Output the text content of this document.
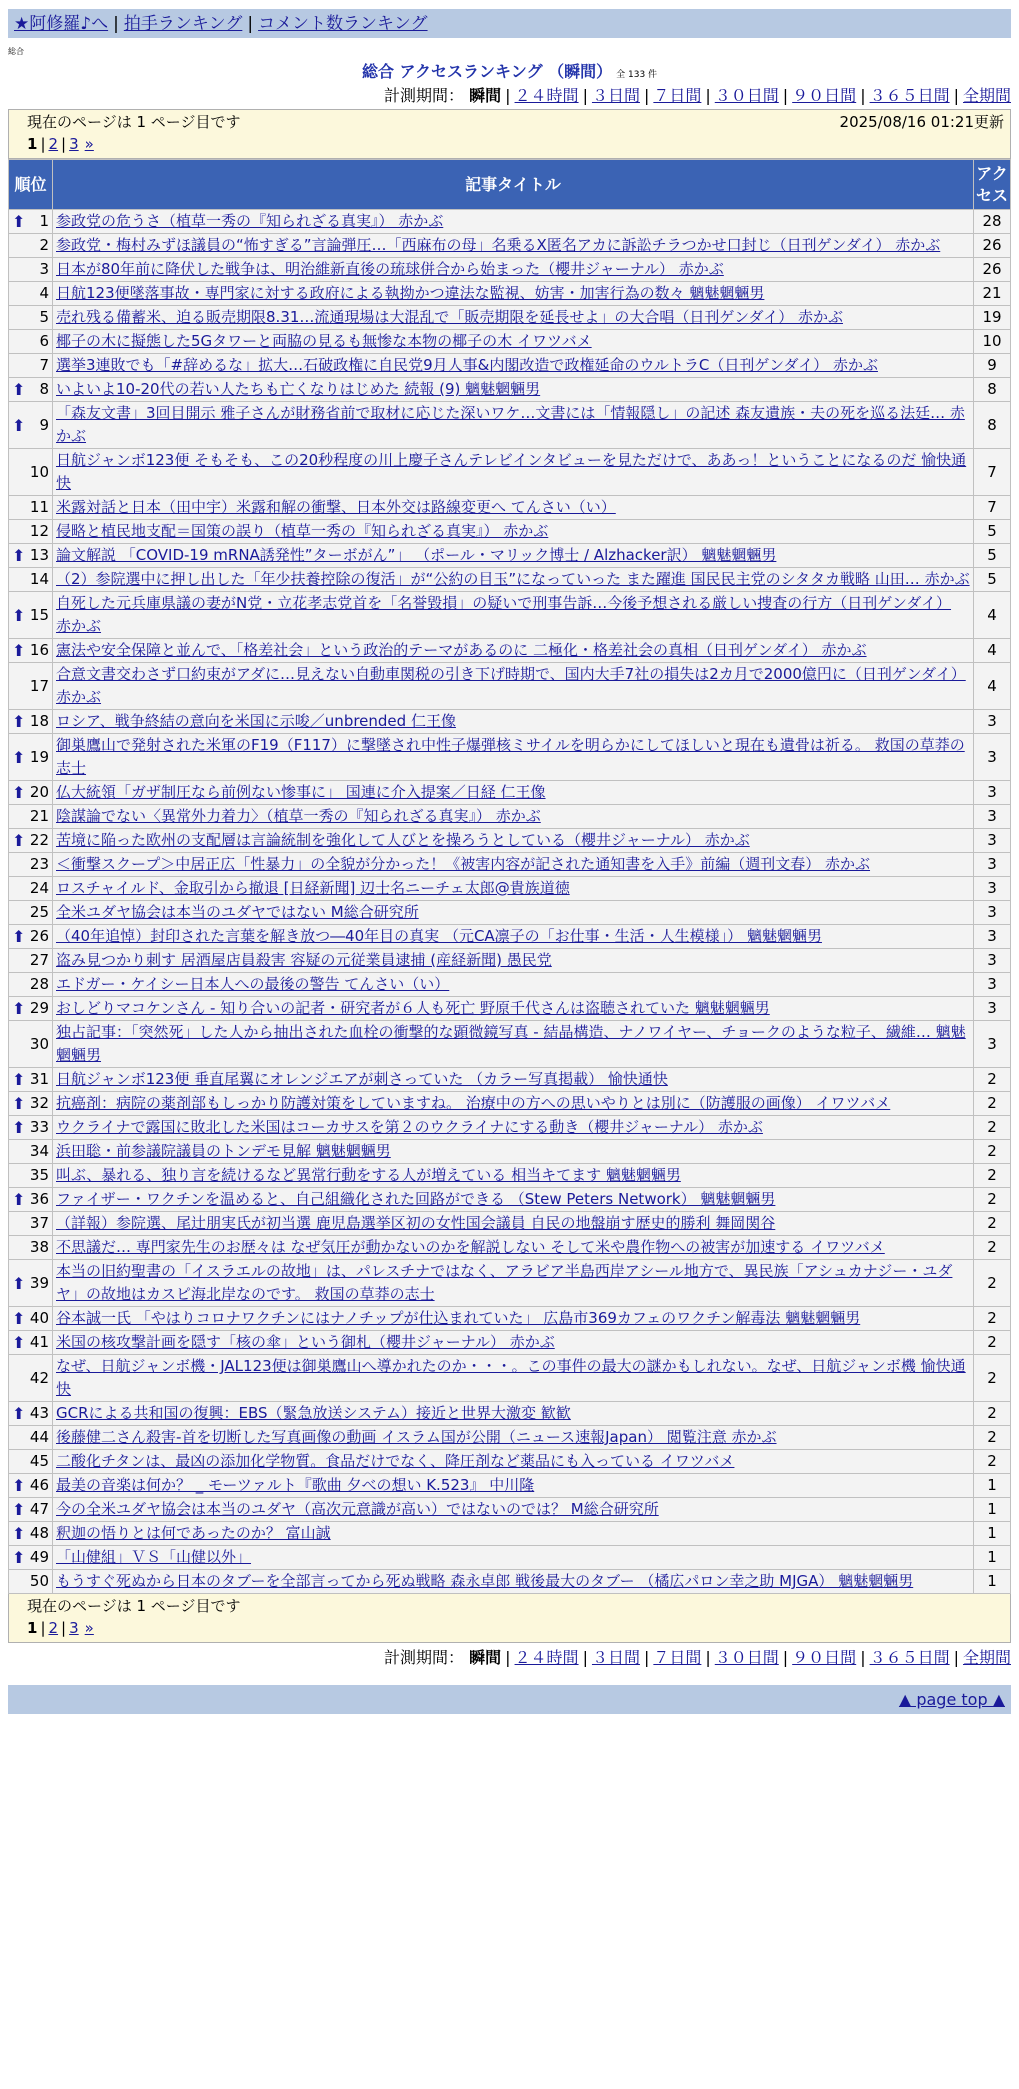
★阿修羅♪へ | 拍手ランキング | コメント数ランキング
総合
総合 アクセスランキング （瞬間） 全 133 件
計測期間： 瞬間 | ２４時間 | ３日間 | ７日間 | ３０日間 | ９０日間 | ３６５日間 | 全期間
現在のページは 1 ページ目です	2025/08/16 01:21更新
1 | 2 | 3 »
順位	記事タイトル	アクセス

⬆ 1	参政党の危うさ（植草一秀の『知られざる真実』） 赤かぶ	28
2	参政党・梅村みずほ議員の“怖すぎる”言論弾圧…「西麻布の母」名乗るX匿名アカに訴訟チラつかせ口封じ（日刊ゲンダイ） 赤かぶ	26
3	日本が80年前に降伏した戦争は、明治維新直後の琉球併合から始まった（櫻井ジャーナル） 赤かぶ	26
4	日航123便墜落事故・専門家に対する政府による執拗かつ違法な監視、妨害・加害行為の数々 魑魅魍魎男	21
5	売れ残る備蓄米、迫る販売期限8.31…流通現場は大混乱で「販売期限を延長せよ」の大合唱（日刊ゲンダイ） 赤かぶ	19
6	椰子の木に擬態した5Gタワーと両脇の見るも無惨な本物の椰子の木 イワツバメ	10
7	選挙3連敗でも「#辞めるな」拡大…石破政権に自民党9月人事&内閣改造で政権延命のウルトラC（日刊ゲンダイ） 赤かぶ	9

⬆ 8	いよいよ10-20代の若い人たちも亡くなりはじめた 続報 (9) 魑魅魍魎男	8

⬆ 9	「森友文書」3回目開示 雅子さんが財務省前で取材に応じた深いワケ…文書には「情報隠し」の記述 森友遺族・夫の死を巡る法廷… 赤かぶ	8
10	日航ジャンボ123便 そもそも、この20秒程度の川上慶子さんテレビインタビューを見ただけで、ああっ！ということになるのだ 愉快通快	7
11	米露対話と日本（田中宇）米露和解の衝撃、日本外交は路線変更へ てんさい（い）	7
12	侵略と植民地支配＝国策の誤り（植草一秀の『知られざる真実』） 赤かぶ	5

⬆ 13	論文解説 「COVID-19 mRNA誘発性”ターボがん”」 （ポール・マリック博士 / Alzhacker訳） 魑魅魍魎男	5
14	（2）参院選中に押し出した「年少扶養控除の復活」が“公約の目玉”になっていった また躍進 国民民主党のシタタカ戦略 山田… 赤かぶ	5

⬆ 15	自死した元兵庫県議の妻がN党・立花孝志党首を「名誉毀損」の疑いで刑事告訴…今後予想される厳しい捜査の行方（日刊ゲンダイ） 赤かぶ	4

⬆ 16	憲法や安全保障と並んで、「格差社会」という政治的テーマがあるのに 二極化・格差社会の真相（日刊ゲンダイ） 赤かぶ	4
17	合意文書交わさず口約束がアダに…見えない自動車関税の引き下げ時期で、国内大手7社の損失は2カ月で2000億円に（日刊ゲンダイ） 赤かぶ	4

⬆ 18	ロシア、戦争終結の意向を米国に示唆／unbrended 仁王像	3

⬆ 19	御巣鷹山で発射された米軍のF19（F117）に撃墜され中性子爆弾核ミサイルを明らかにしてほしいと現在も遺骨は祈る。 救国の草莽の志士	3

⬆ 20	仏大統領「ガザ制圧なら前例ない惨事に」 国連に介入提案／日経 仁王像	3
21	陰謀論でない〈異常外力着力〉（植草一秀の『知られざる真実』） 赤かぶ	3

⬆ 22	苦境に陥った欧州の支配層は言論統制を強化して人びとを操ろうとしている（櫻井ジャーナル） 赤かぶ	3
23	＜衝撃スクープ＞中居正広「性暴力」の全貌が分かった！《被害内容が記された通知書を入手》前編（週刊文春） 赤かぶ	3
24	ロスチャイルド、金取引から撤退 [日経新聞] 辺士名ニーチェ太郎@貴族道徳	3
25	全米ユダヤ協会は本当のユダヤではない M総合研究所	3

⬆ 26	（40年追悼）封印された言葉を解き放つ―40年目の真実 （元CA凛子の「お仕事・生活・人生模様」） 魑魅魍魎男	3
27	盗み見つかり刺す 居酒屋店員殺害 容疑の元従業員逮捕 (産経新聞) 愚民党	3
28	エドガー・ケイシー日本人への最後の警告 てんさい（い）	3

⬆ 29	おしどりマコケンさん - 知り合いの記者・研究者が６人も死亡 野原千代さんは盗聴されていた 魑魅魍魎男	3
30	独占記事：「突然死」した人から抽出された血栓の衝撃的な顕微鏡写真 - 結晶構造、ナノワイヤー、チョークのような粒子、繊維… 魑魅魍魎男	3

⬆ 31	日航ジャンボ123便 垂直尾翼にオレンジエアが刺さっていた （カラー写真掲載） 愉快通快	2

⬆ 32	抗癌剤：病院の薬剤部もしっかり防護対策をしていますね。 治療中の方への思いやりとは別に（防護服の画像） イワツバメ	2

⬆ 33	ウクライナで露国に敗北した米国はコーカサスを第２のウクライナにする動き（櫻井ジャーナル） 赤かぶ	2
34	浜田聡・前参議院議員のトンデモ見解 魑魅魍魎男	2
35	叫ぶ、暴れる、独り言を続けるなど異常行動をする人が増えている 相当キてます 魑魅魍魎男	2

⬆ 36	ファイザー・ワクチンを温めると、自己組織化された回路ができる （Stew Peters Network） 魑魅魍魎男	2
37	（詳報）参院選、尾辻朋実氏が初当選 鹿児島選挙区初の女性国会議員 自民の地盤崩す歴史的勝利 舞岡関谷	2
38	不思議だ… 専門家先生のお歴々は なぜ気圧が動かないのかを解説しない そして米や農作物への被害が加速する イワツバメ	2

⬆ 39	本当の旧約聖書の「イスラエルの故地」は、パレスチナではなく、アラビア半島西岸アシール地方で、異民族「アシュカナジー・ユダヤ」の故地はカスピ海北岸なのです。 救国の草莽の志士	2

⬆ 40	谷本誠一氏 「やはりコロナワクチンにはナノチップが仕込まれていた」 広島市369カフェのワクチン解毒法 魑魅魍魎男	2

⬆ 41	米国の核攻撃計画を隠す「核の傘」という御札（櫻井ジャーナル） 赤かぶ	2
42	なぜ、日航ジャンボ機・JAL123便は御巣鷹山へ導かれたのか・・・。この事件の最大の謎かもしれない。なぜ、日航ジャンボ機 愉快通快	2

⬆ 43	GCRによる共和国の復興：EBS（緊急放送システム）接近と世界大激変 歓歓	2
44	後藤健二さん殺害-首を切断した写真画像の動画 イスラム国が公開（ニュース速報Japan） 閲覧注意 赤かぶ	2
45	二酸化チタンは、最凶の添加化学物質。食品だけでなく、降圧剤など薬品にも入っている イワツバメ	2

⬆ 46	最美の音楽は何か？ _ モーツァルト『歌曲 夕べの想い K.523』 中川隆	1

⬆ 47	今の全米ユダヤ協会は本当のユダヤ（高次元意識が高い）ではないのでは？ M総合研究所	1

⬆ 48	釈迦の悟りとは何であったのか？ 富山誠	1

⬆ 49	「山健組」ＶＳ「山健以外」	1
50	もうすぐ死ぬから日本のタブーを全部言ってから死ぬ戦略 森永卓郎 戦後最大のタブー （橘広パロン幸之助 MJGA） 魑魅魍魎男	1
現在のページは 1 ページ目です
1 | 2 | 3 »
計測期間： 瞬間 | ２４時間 | ３日間 | ７日間 | ３０日間 | ９０日間 | ３６５日間 | 全期間
▲ page top ▲
